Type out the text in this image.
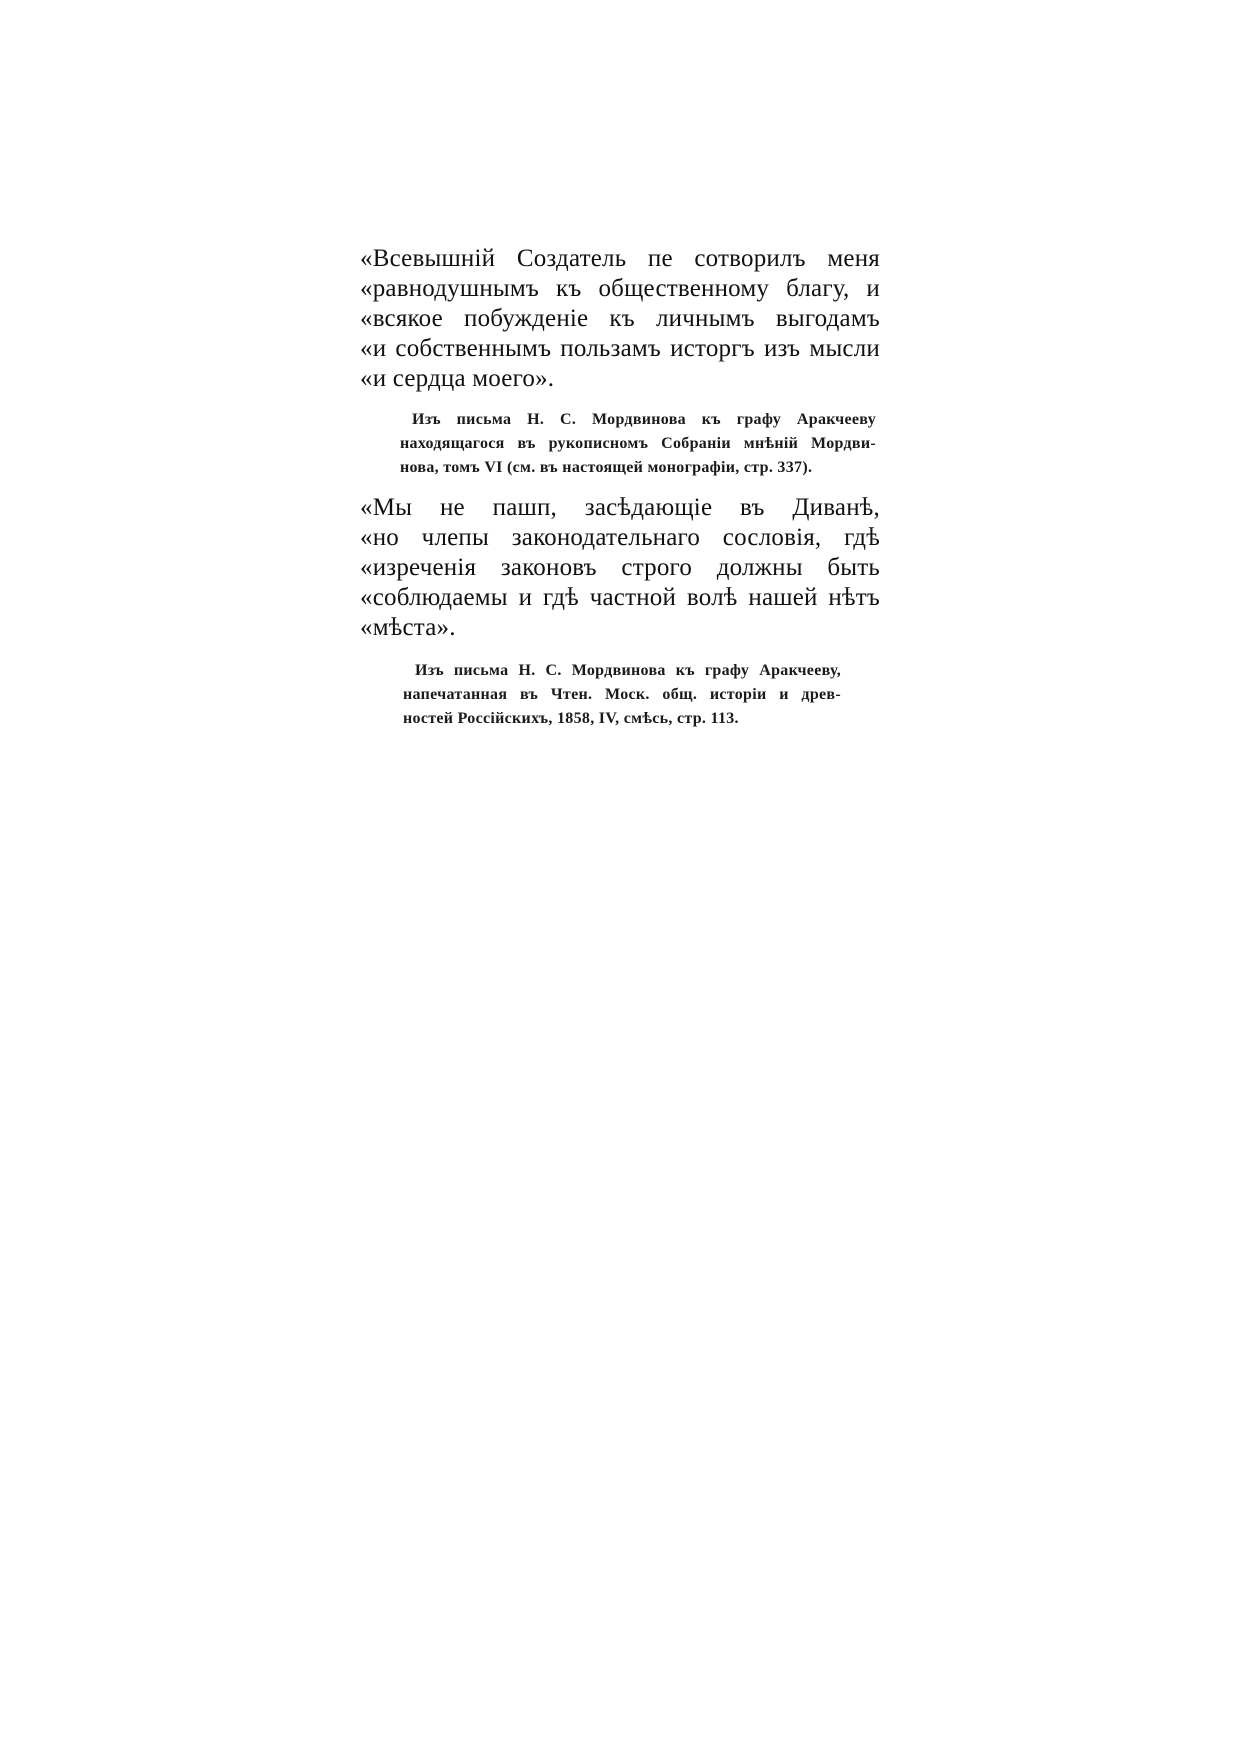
«Всевышній Создатель пе сотворилъ меня
«равнодушнымъ къ общественному благу, и
«всякое побужденіе къ личнымъ выгодамъ
«и собственнымъ пользамъ исторгъ изъ мысли
«и сердца моего».
Изъ письма Н. С. Мордвинова къ графу Аракчееву
находящагося въ рукописномъ Собраніи мнѣній Мордви-
нова, томъ VI (см. въ настоящей монографіи, стр. 337).
«Мы не пашп, засѣдающіе въ Диванѣ,
«но члепы законодательнаго сословія, гдѣ
«изреченія законовъ строго должны быть
«соблюдаемы и гдѣ частной волѣ нашей нѣтъ
«мѣста».
Изъ письма Н. С. Мордвинова къ графу Аракчееву,
напечатанная въ Чтен. Моск. общ. исторіи и древ-
ностей Россійскихъ, 1858, IV, смѣсь, стр. 113.
